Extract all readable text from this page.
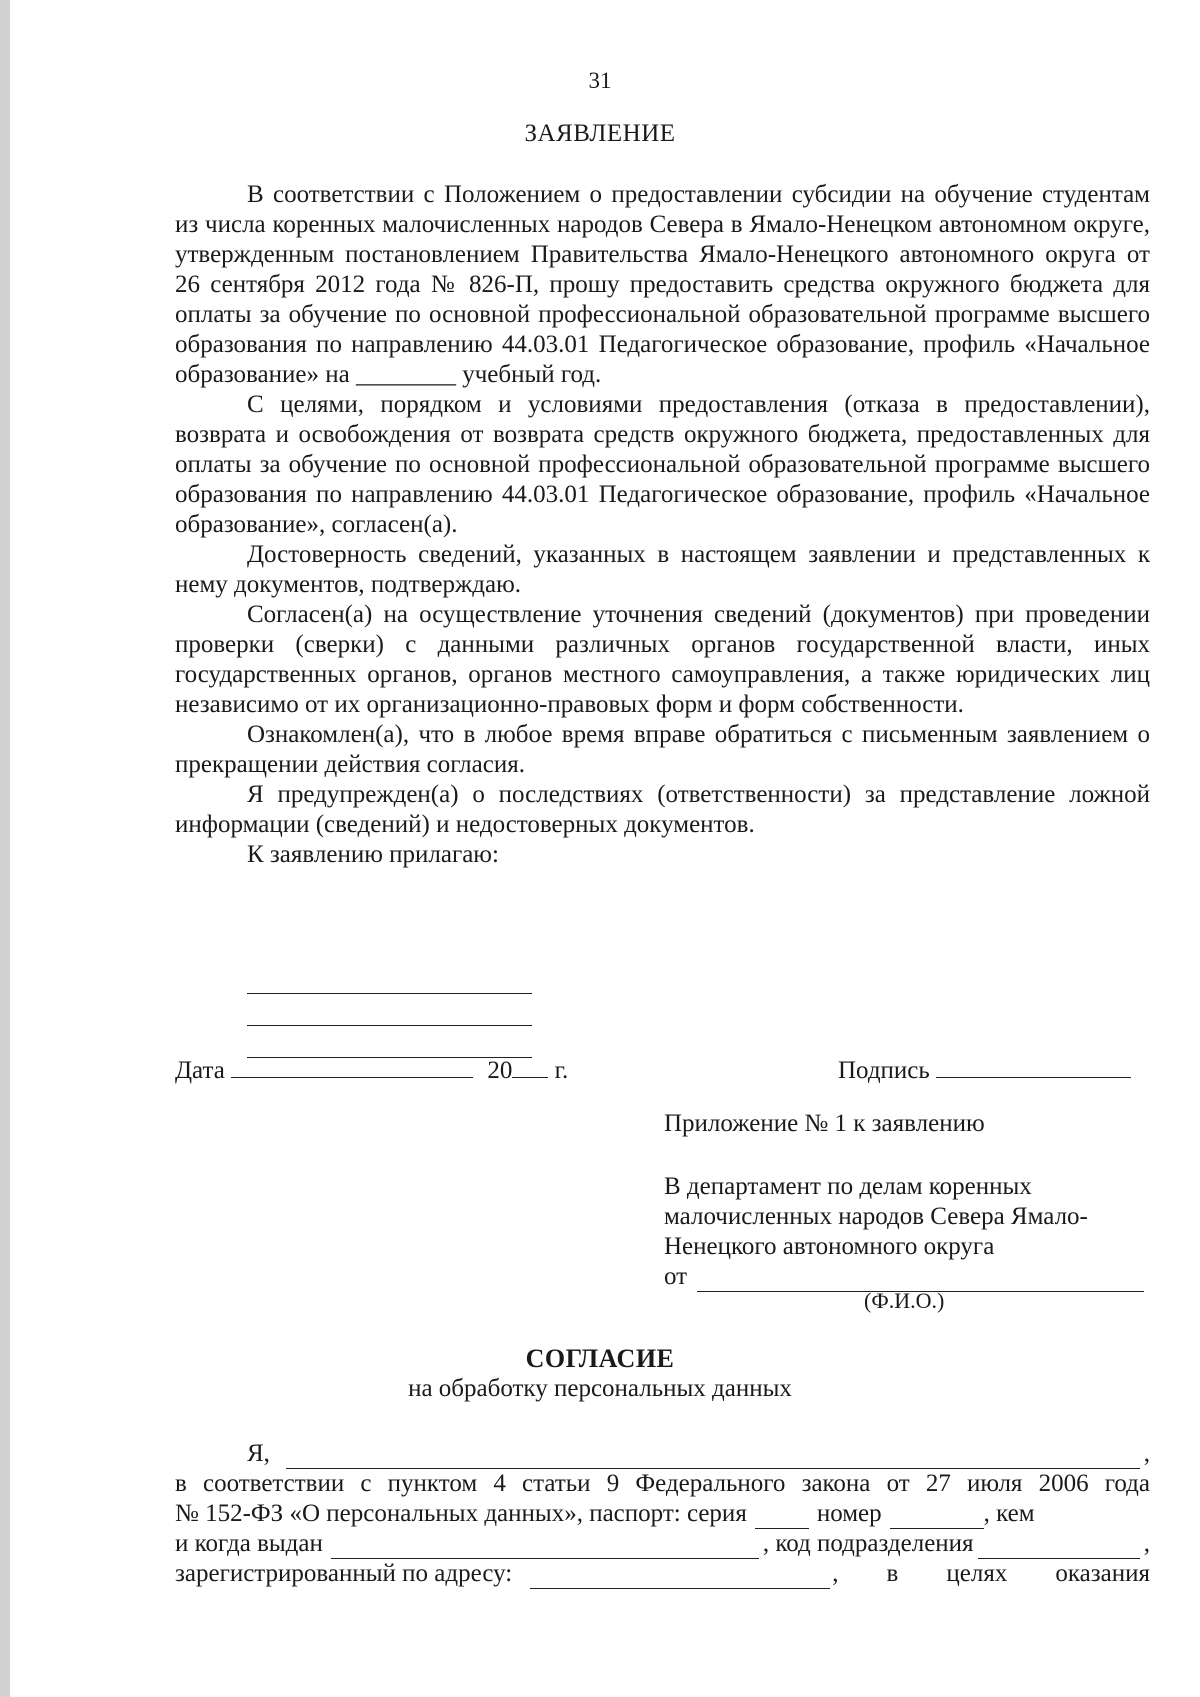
31
ЗАЯВЛЕНИЕ

В соответствии с Положением о предоставлении субсидии на обучение студентам из числа коренных малочисленных народов Севера в Ямало-Ненецком автономном округе, утвержденным постановлением Правительства Ямало-Ненецкого автономного округа от 26 сентября 2012 года № 826-П, прошу предоставить средства окружного бюджета для оплаты за обучение по основной профессиональной образовательной программе высшего образования по направлению 44.03.01 Педагогическое образование, профиль «Начальное образование» на ________ учебный год.

С целями, порядком и условиями предоставления (отказа в предоставлении), возврата и освобождения от возврата средств окружного бюджета, предоставленных для оплаты за обучение по основной профессиональной образовательной программе высшего образования по направлению 44.03.01 Педагогическое образование, профиль «Начальное образование», согласен(а).

Достоверность сведений, указанных в настоящем заявлении и представленных к нему документов, подтверждаю.

Согласен(а) на осуществление уточнения сведений (документов) при проведении проверки (сверки) с данными различных органов государственной власти, иных государственных органов, органов местного самоуправления, а также юридических лиц независимо от их организационно-правовых форм и форм собственности.

Ознакомлен(а), что в любое время вправе обратиться с письменным заявлением о прекращении действия согласия.

Я предупрежден(а) о последствиях (ответственности) за представление ложной информации (сведений) и недостоверных документов.

К заявлению прилагаю:

Дата	20 г.	Подпись
Приложение № 1 к заявлению
В департамент по делам коренных
малочисленных народов Севера Ямало-
Ненецкого автономного округа
от
(Ф.И.О.)
СОГЛАСИЕ
на обработку персональных данных
Я,	,
в соответствии с пунктом 4 статьи 9 Федерального закона от 27 июля 2006 года
№ 152-ФЗ «О персональных данных», паспорт: серия	номер	, кем
и когда выдан	, код подразделения	,
зарегистрированный по адресу:	, в целях оказания
